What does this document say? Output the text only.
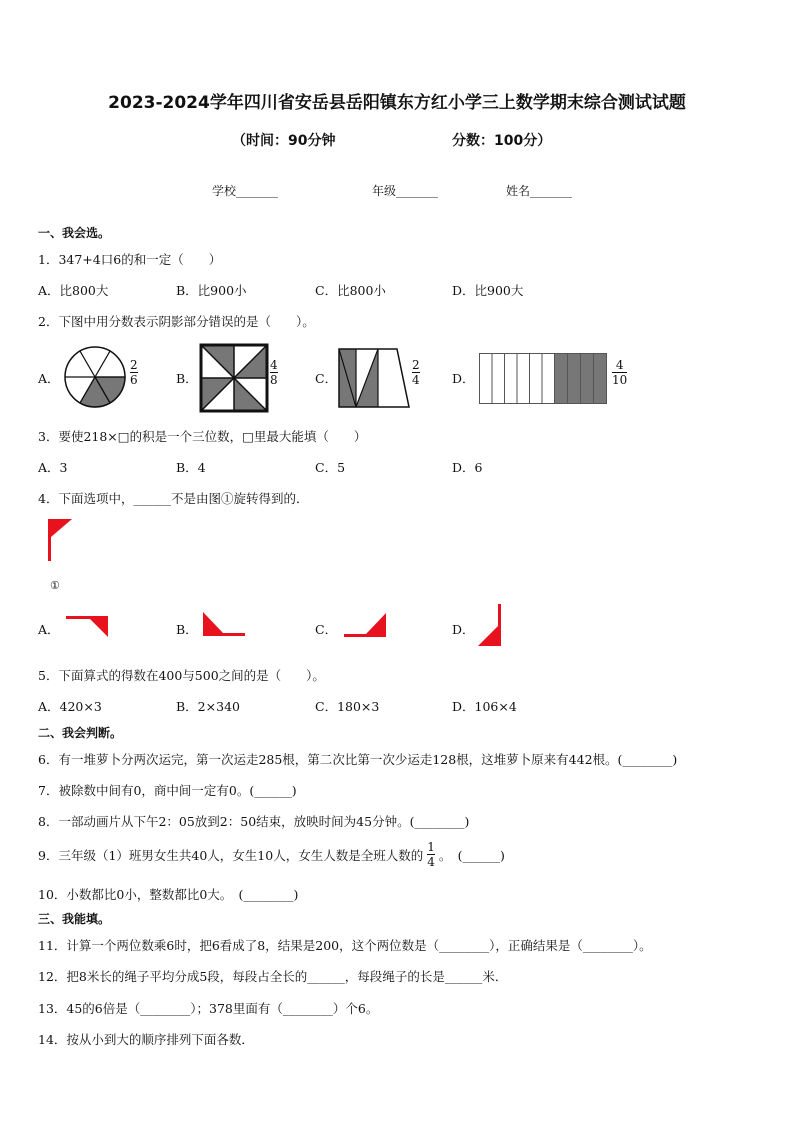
2023-2024学年四川省安岳县岳阳镇东方红小学三上数学期末综合测试试题
（时间：90分钟	分数：100分）
学校_______	年级_______	姓名_______
一、我会选。
1．347+4口6的和一定（　　）
A．比800大	B．比900小	C．比800小	D．比900大
2．下图中用分数表示阴影部分错误的是（　　）。
A．	B．	C．	D．
$\frac{2}{6}$	$\frac{4}{8}$	$\frac{2}{4}$	$\frac{4}{10}$
3．要使218×□的积是一个三位数，□里最大能填（　　）
A．3	B．4	C．5	D．6
4．下面选项中，______不是由图①旋转得到的．
①
A．	B．	C．	D．
5．下面算式的得数在400与500之间的是（　　）。
A．420×3	B．2×340	C．180×3	D．106×4
二、我会判断。
6．有一堆萝卜分两次运完，第一次运走285根，第二次比第一次少运走128根，这堆萝卜原来有442根。(________)
7．被除数中间有0，商中间一定有0。(______)
8．一部动画片从下午2：05放到2：50结束，放映时间为45分钟。(________)
9．三年级（1）班男女生共40人，女生10人，女生人数是全班人数的 $\frac{1}{4}$ 。　(______)
10．小数都比0小，整数都比0大。　(________)
三、我能填。
11．计算一个两位数乘6时，把6看成了8，结果是200，这个两位数是（________），正确结果是（________）。
12．把8米长的绳子平均分成5段，每段占全长的______，每段绳子的长是______米．
13．45的6倍是（________）；378里面有（________）个6。
14．按从小到大的顺序排列下面各数．
